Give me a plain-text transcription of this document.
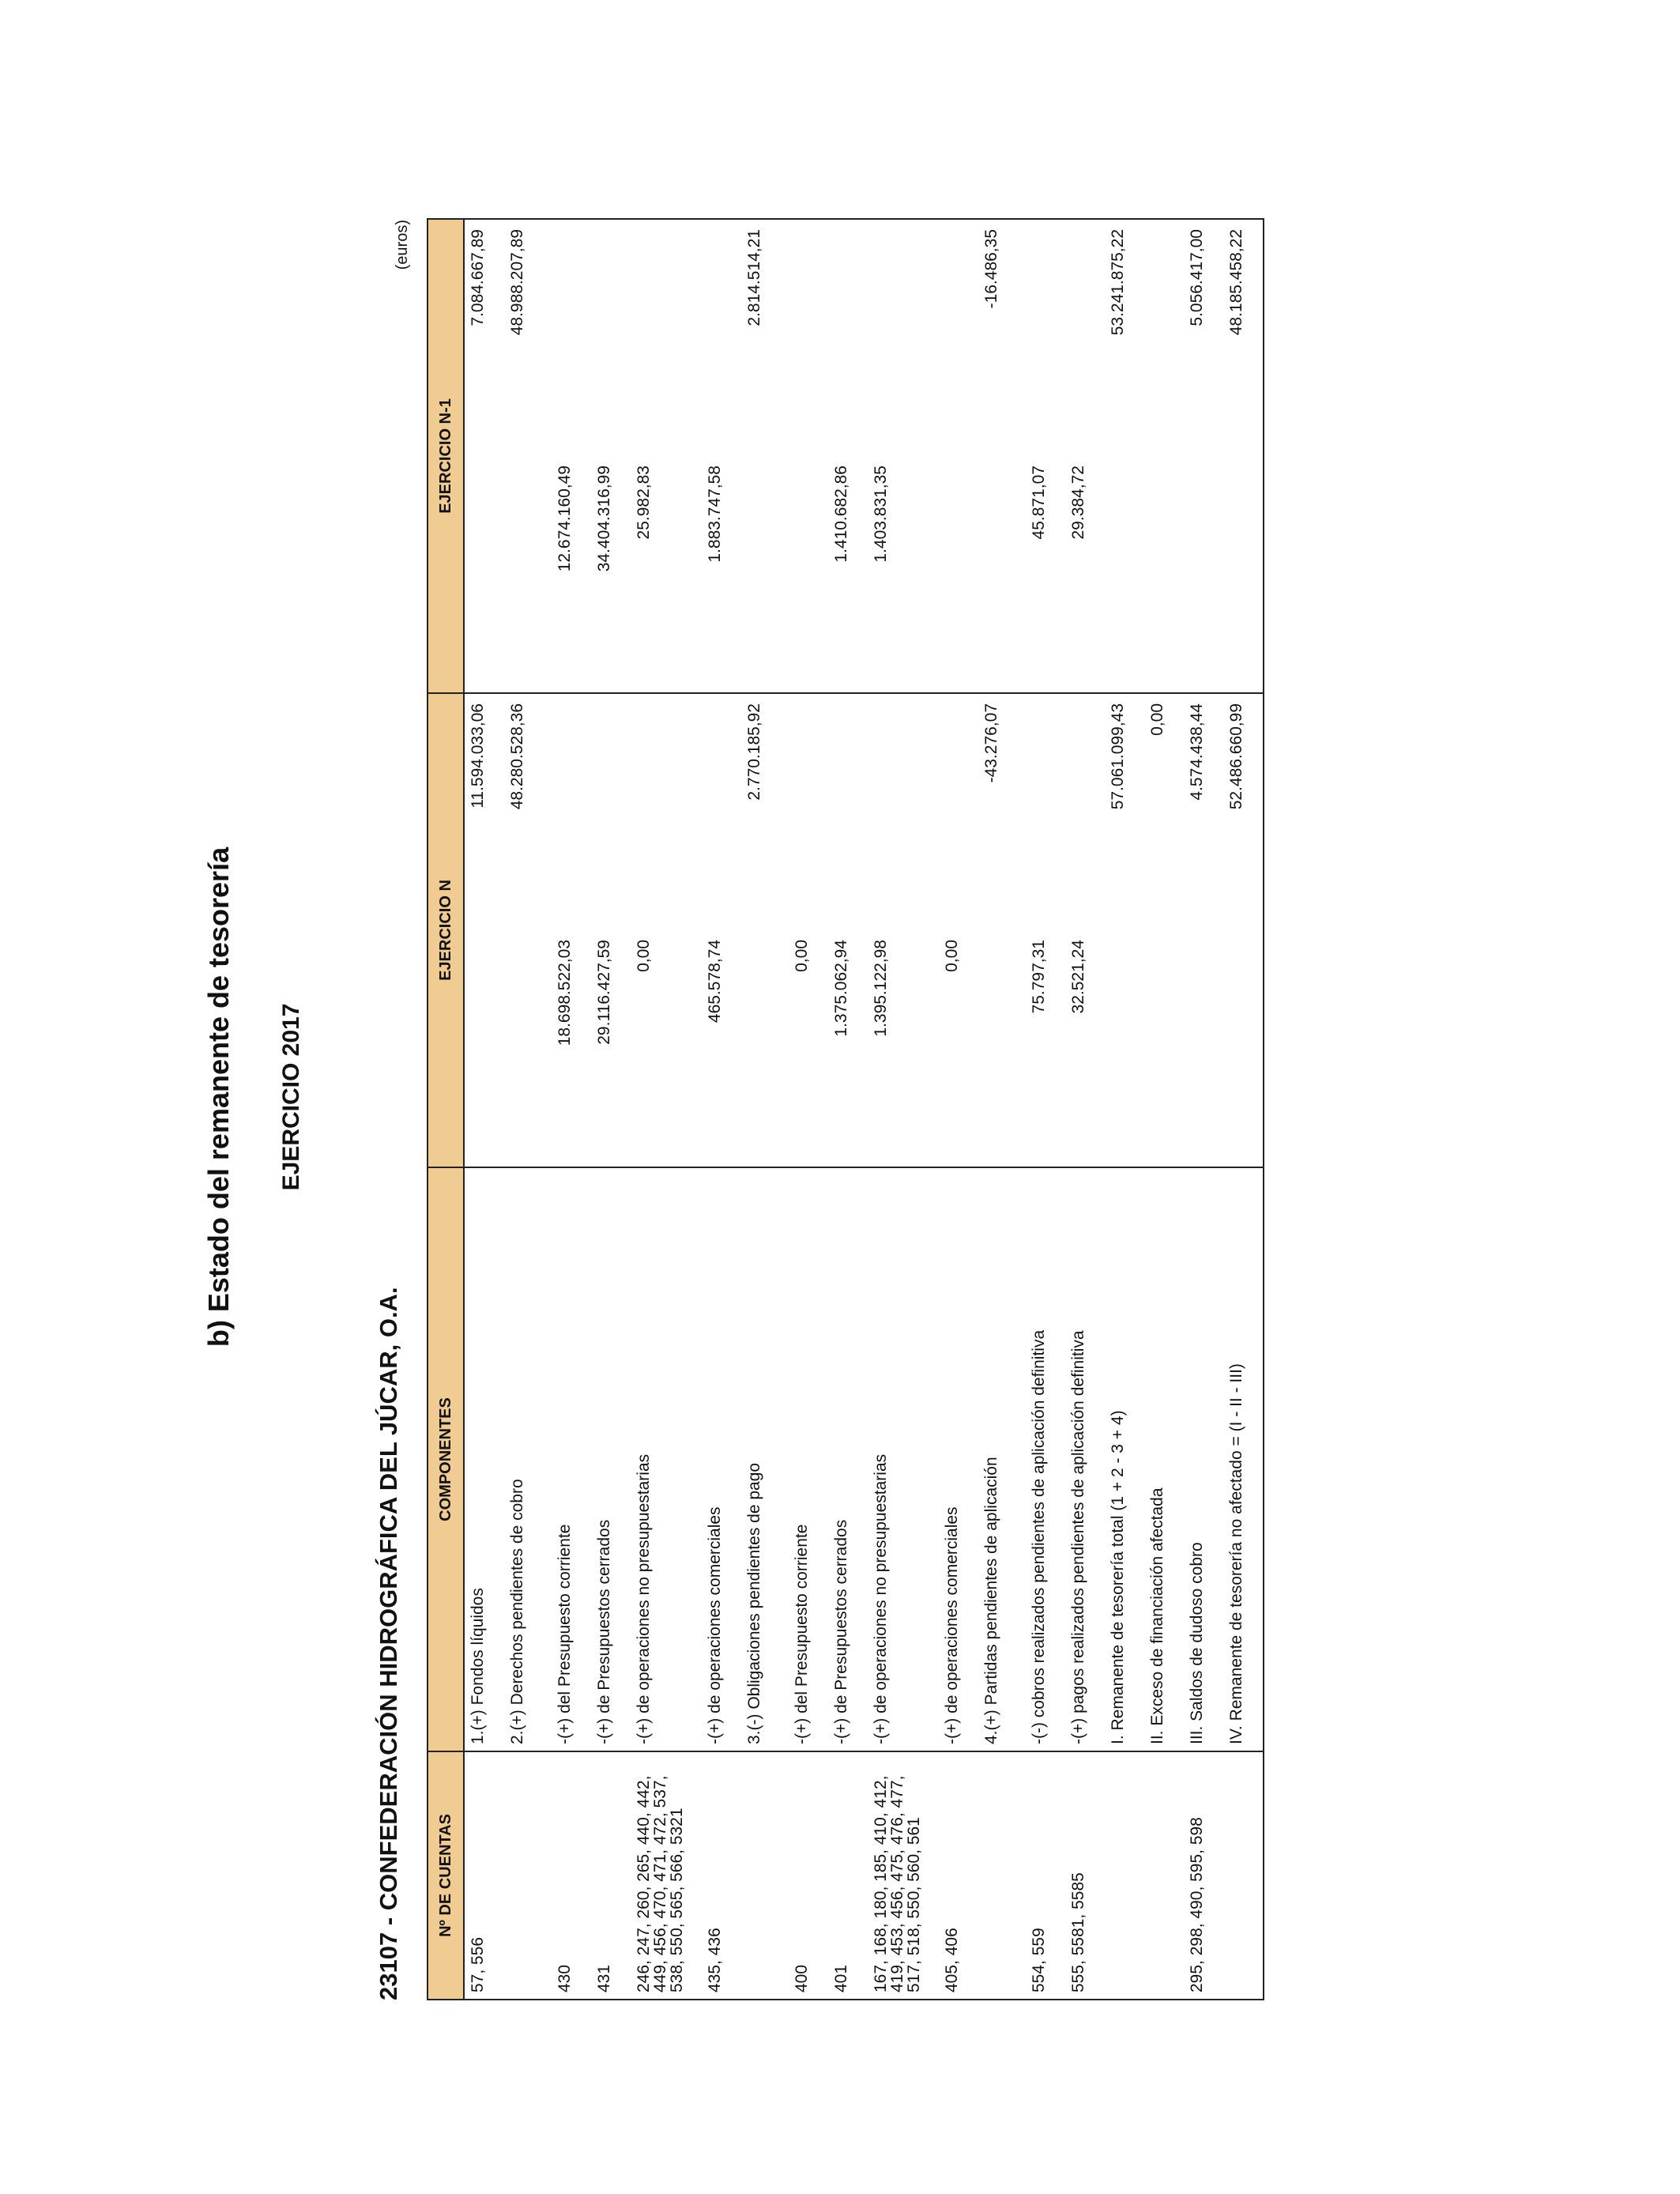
b) Estado del remanente de tesorería EJERCICIO 2017
23107 - CONFEDERACIÓN HIDROGRÁFICA DEL JÚCAR, O.A.
(euros)
Nº DE CUENTAS	COMPONENTES	EJERCICIO N		EJERCICIO N-1	
57, 556	1.(+) Fondos líquidos		11.594.033,06		7.084.667,89
	2.(+) Derechos pendientes de cobro		48.280.528,36		48.988.207,89
430	-(+) del Presupuesto corriente	18.698.522,03		12.674.160,49	
431	-(+) de Presupuestos cerrados	29.116.427,59		34.404.316,99	
246, 247, 260, 265, 440, 442, 449, 456, 470, 471, 472, 537, 538, 550, 565, 566, 5321	-(+) de operaciones no presupuestarias	0,00		25.982,83	
435, 436	-(+) de operaciones comerciales	465.578,74		1.883.747,58	
	3.(-) Obligaciones pendientes de pago		2.770.185,92		2.814.514,21
400	-(+) del Presupuesto corriente	0,00			
401	-(+) de Presupuestos cerrados	1.375.062,94		1.410.682,86	
167, 168, 180, 185, 410, 412, 419, 453, 456, 475, 476, 477, 517, 518, 550, 560, 561	-(+) de operaciones no presupuestarias	1.395.122,98		1.403.831,35	
405, 406	-(+) de operaciones comerciales	0,00			
	4.(+) Partidas pendientes de aplicación		-43.276,07		-16.486,35
554, 559	-(-) cobros realizados pendientes de aplicación definitiva	75.797,31		45.871,07	
555, 5581, 5585	-(+) pagos realizados pendientes de aplicación definitiva	32.521,24		29.384,72	
	I. Remanente de tesorería total (1 + 2 - 3 + 4)		57.061.099,43		53.241.875,22
	II. Exceso de financiación afectada		0,00		
295, 298, 490, 595, 598	III. Saldos de dudoso cobro		4.574.438,44		5.056.417,00
	IV. Remanente de tesorería no afectado = (I - II - III)		52.486.660,99		48.185.458,22
